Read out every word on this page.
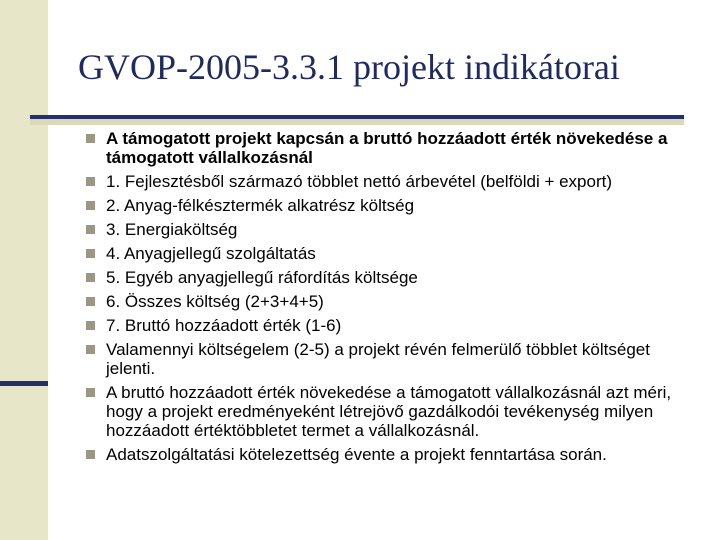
GVOP-2005-3.3.1 projekt indikátorai
A támogatott projekt kapcsán a bruttó hozzáadott érték növekedése a támogatott vállalkozásnál
1. Fejlesztésből származó többlet nettó árbevétel (belföldi + export)
2. Anyag-félkésztermék alkatrész költség
3. Energiaköltség
4. Anyagjellegű szolgáltatás
5. Egyéb anyagjellegű ráfordítás költsége
6. Összes költség (2+3+4+5)
7. Bruttó hozzáadott érték (1-6)
Valamennyi költségelem (2-5) a projekt révén felmerülő többlet költséget jelenti.
A bruttó hozzáadott érték növekedése a támogatott vállalkozásnál azt méri, hogy a projekt eredményeként létrejövő gazdálkodói tevékenység milyen hozzáadott értéktöbbletet termet a vállalkozásnál.
Adatszolgáltatási kötelezettség évente a projekt fenntartása során.
